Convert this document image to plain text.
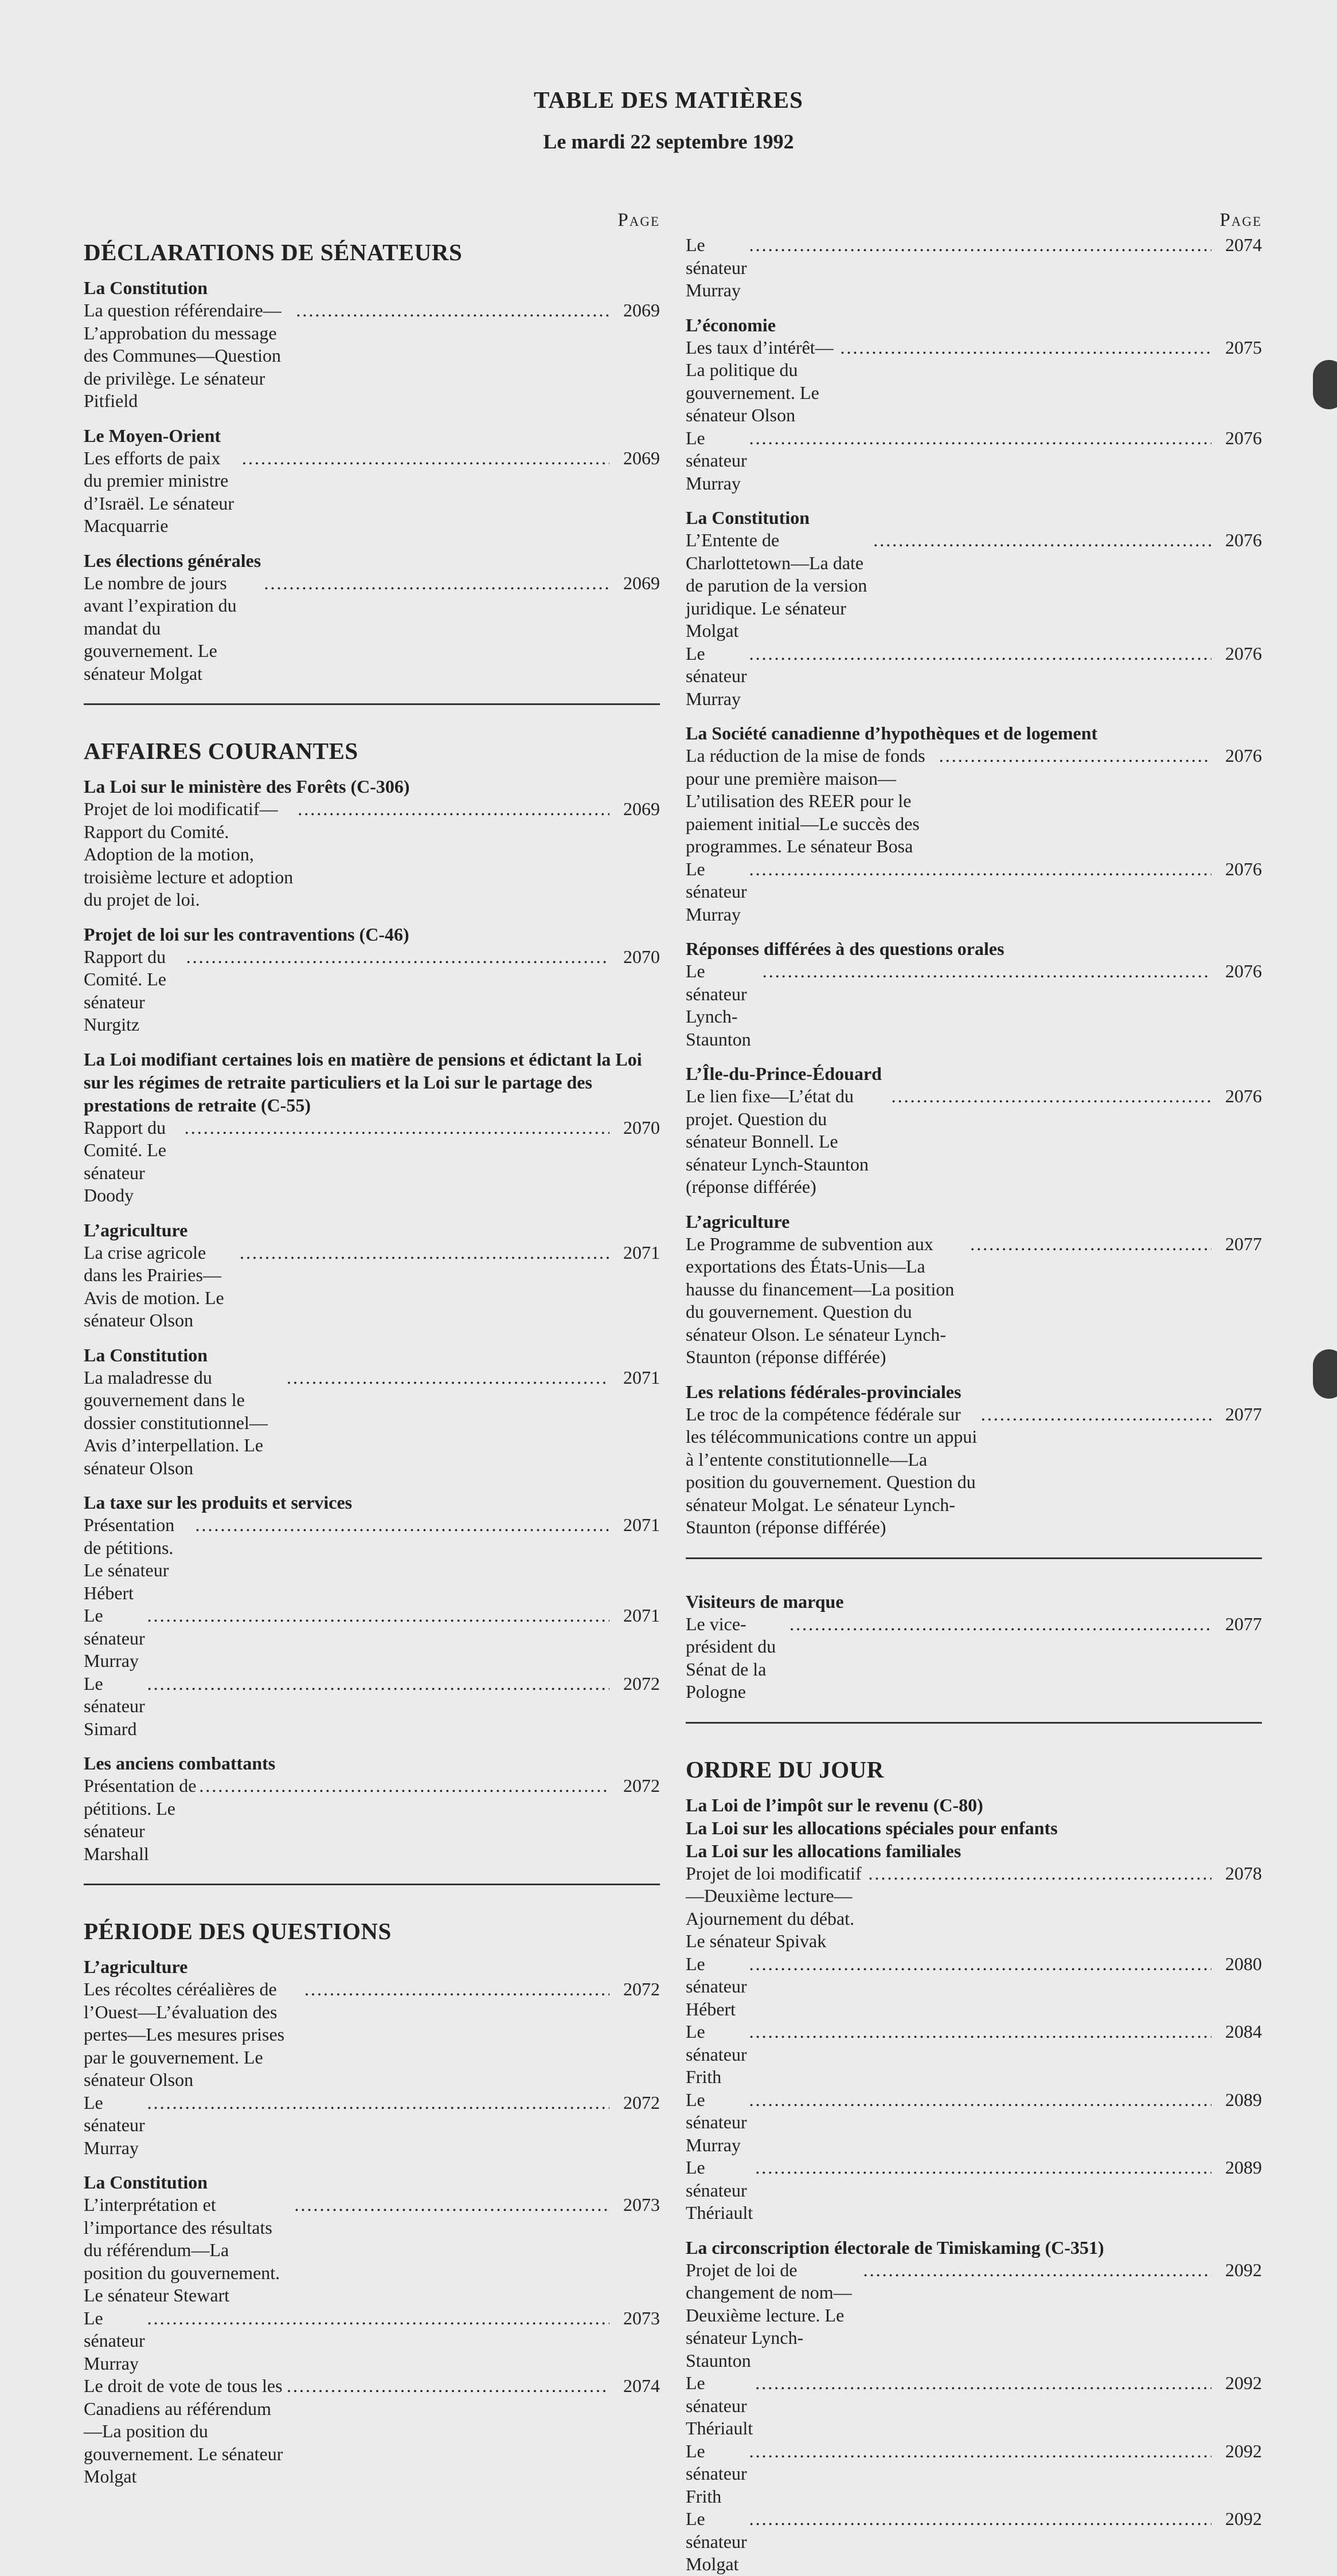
TABLE DES MATIÈRES
Le mardi 22 septembre 1992
Page
DÉCLARATIONS DE SÉNATEURS
La Constitution
La question référendaire—L’approbation du message des Communes—Question de privilège. Le sénateur Pitfield
.....
2069
Le Moyen-Orient
Les efforts de paix du premier ministre d’Israël. Le sénateur Macquarrie
.....
2069
Les élections générales
Le nombre de jours avant l’expiration du mandat du gouvernement. Le sénateur Molgat
.....
2069
AFFAIRES COURANTES
La Loi sur le ministère des Forêts (C-306)
Projet de loi modificatif—Rapport du Comité. Adoption de la motion, troisième lecture et adoption du projet de loi.
.....
2069
Projet de loi sur les contraventions (C-46)
Rapport du Comité. Le sénateur Nurgitz
.....
2070
La Loi modifiant certaines lois en matière de pensions et édictant la Loi sur les régimes de retraite particuliers et la Loi sur le partage des prestations de retraite (C-55)
Rapport du Comité. Le sénateur Doody
.....
2070
L’agriculture
La crise agricole dans les Prairies—Avis de motion. Le sénateur Olson
.....
2071
La Constitution
La maladresse du gouvernement dans le dossier constitutionnel—Avis d’interpellation. Le sénateur Olson
.....
2071
La taxe sur les produits et services
Présentation de pétitions. Le sénateur Hébert
.....
2071
Le sénateur Murray
.....
2071
Le sénateur Simard
.....
2072
Les anciens combattants
Présentation de pétitions. Le sénateur Marshall
.....
2072
PÉRIODE DES QUESTIONS
L’agriculture
Les récoltes céréalières de l’Ouest—L’évaluation des pertes—Les mesures prises par le gouvernement. Le sénateur Olson
.....
2072
Le sénateur Murray
.....
2072
La Constitution
L’interprétation et l’importance des résultats du référendum—La position du gouvernement. Le sénateur Stewart
.....
2073
Le sénateur Murray
.....
2073
Le droit de vote de tous les Canadiens au référendum—La position du gouvernement. Le sénateur Molgat
.....
2074
Page
Le sénateur Murray
.....
2074
L’économie
Les taux d’intérêt—La politique du gouvernement. Le sénateur Olson
.....
2075
Le sénateur Murray
.....
2076
La Constitution
L’Entente de Charlottetown—La date de parution de la version juridique. Le sénateur Molgat
.....
2076
Le sénateur Murray
.....
2076
La Société canadienne d’hypothèques et de logement
La réduction de la mise de fonds pour une première maison—L’utilisation des REER pour le paiement initial—Le succès des programmes. Le sénateur Bosa
.....
2076
Le sénateur Murray
.....
2076
Réponses différées à des questions orales
Le sénateur Lynch-Staunton
.....
2076
L’Île-du-Prince-Édouard
Le lien fixe—L’état du projet. Question du sénateur Bonnell. Le sénateur Lynch-Staunton (réponse différée)
.....
2076
L’agriculture
Le Programme de subvention aux exportations des États-Unis—La hausse du financement—La position du gouvernement. Question du sénateur Olson. Le sénateur Lynch-Staunton (réponse différée)
.....
2077
Les relations fédérales-provinciales
Le troc de la compétence fédérale sur les télécommunications contre un appui à l’entente constitutionnelle—La position du gouvernement. Question du sénateur Molgat. Le sénateur Lynch-Staunton (réponse différée)
.....
2077
Visiteurs de marque
Le vice-président du Sénat de la Pologne
.....
2077
ORDRE DU JOUR
La Loi de l’impôt sur le revenu (C-80)
La Loi sur les allocations spéciales pour enfants
La Loi sur les allocations familiales
Projet de loi modificatif—Deuxième lecture—Ajournement du débat. Le sénateur Spivak
.....
2078
Le sénateur Hébert
.....
2080
Le sénateur Frith
.....
2084
Le sénateur Murray
.....
2089
Le sénateur Thériault
.....
2089
La circonscription électorale de Timiskaming (C-351)
Projet de loi de changement de nom—Deuxième lecture. Le sénateur Lynch-Staunton
.....
2092
Le sénateur Thériault
.....
2092
Le sénateur Frith
.....
2092
Le sénateur Molgat
.....
2092
